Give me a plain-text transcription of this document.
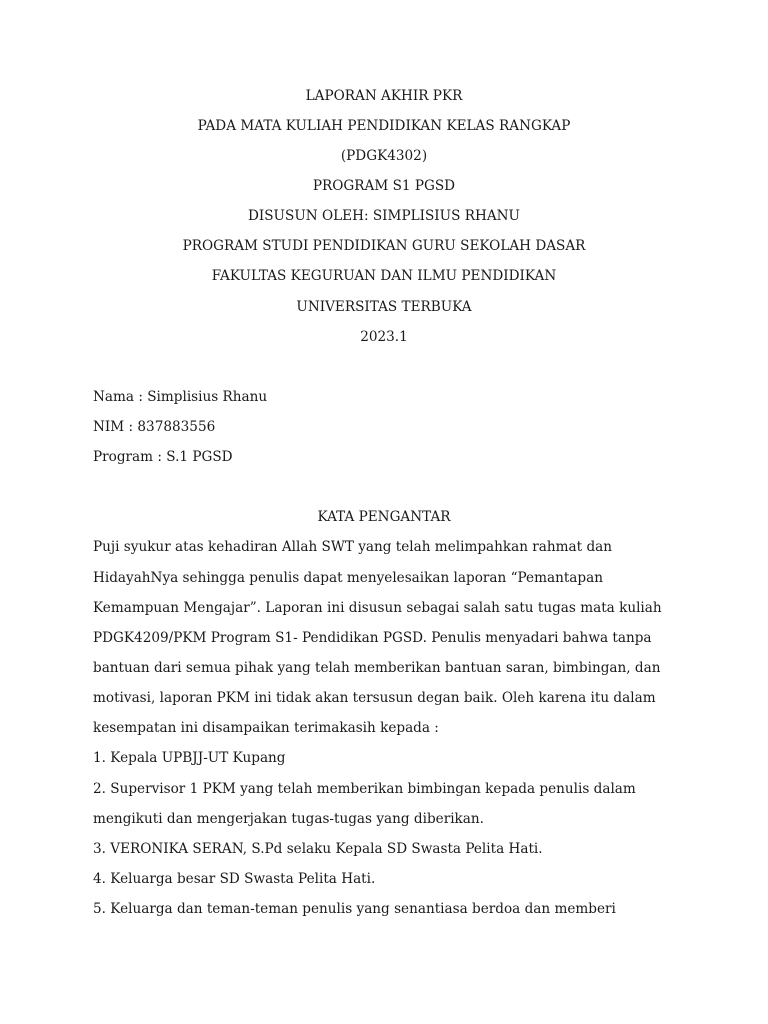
LAPORAN AKHIR PKR
PADA MATA KULIAH PENDIDIKAN KELAS RANGKAP
(PDGK4302)
PROGRAM S1 PGSD
DISUSUN OLEH: SIMPLISIUS RHANU
PROGRAM STUDI PENDIDIKAN GURU SEKOLAH DASAR
FAKULTAS KEGURUAN DAN ILMU PENDIDIKAN
UNIVERSITAS TERBUKA
2023.1
Nama : Simplisius Rhanu
NIM : 837883556
Program : S.1 PGSD
KATA PENGANTAR
Puji syukur atas kehadiran Allah SWT yang telah melimpahkan rahmat dan
HidayahNya sehingga penulis dapat menyelesaikan laporan “Pemantapan
Kemampuan Mengajar”. Laporan ini disusun sebagai salah satu tugas mata kuliah
PDGK4209/PKM Program S1- Pendidikan PGSD. Penulis menyadari bahwa tanpa
bantuan dari semua pihak yang telah memberikan bantuan saran, bimbingan, dan
motivasi, laporan PKM ini tidak akan tersusun degan baik. Oleh karena itu dalam
kesempatan ini disampaikan terimakasih kepada :
1. Kepala UPBJJ-UT Kupang
2. Supervisor 1 PKM yang telah memberikan bimbingan kepada penulis dalam
mengikuti dan mengerjakan tugas-tugas yang diberikan.
3. VERONIKA SERAN, S.Pd selaku Kepala SD Swasta Pelita Hati.
4. Keluarga besar SD Swasta Pelita Hati.
5. Keluarga dan teman-teman penulis yang senantiasa berdoa dan memberi
